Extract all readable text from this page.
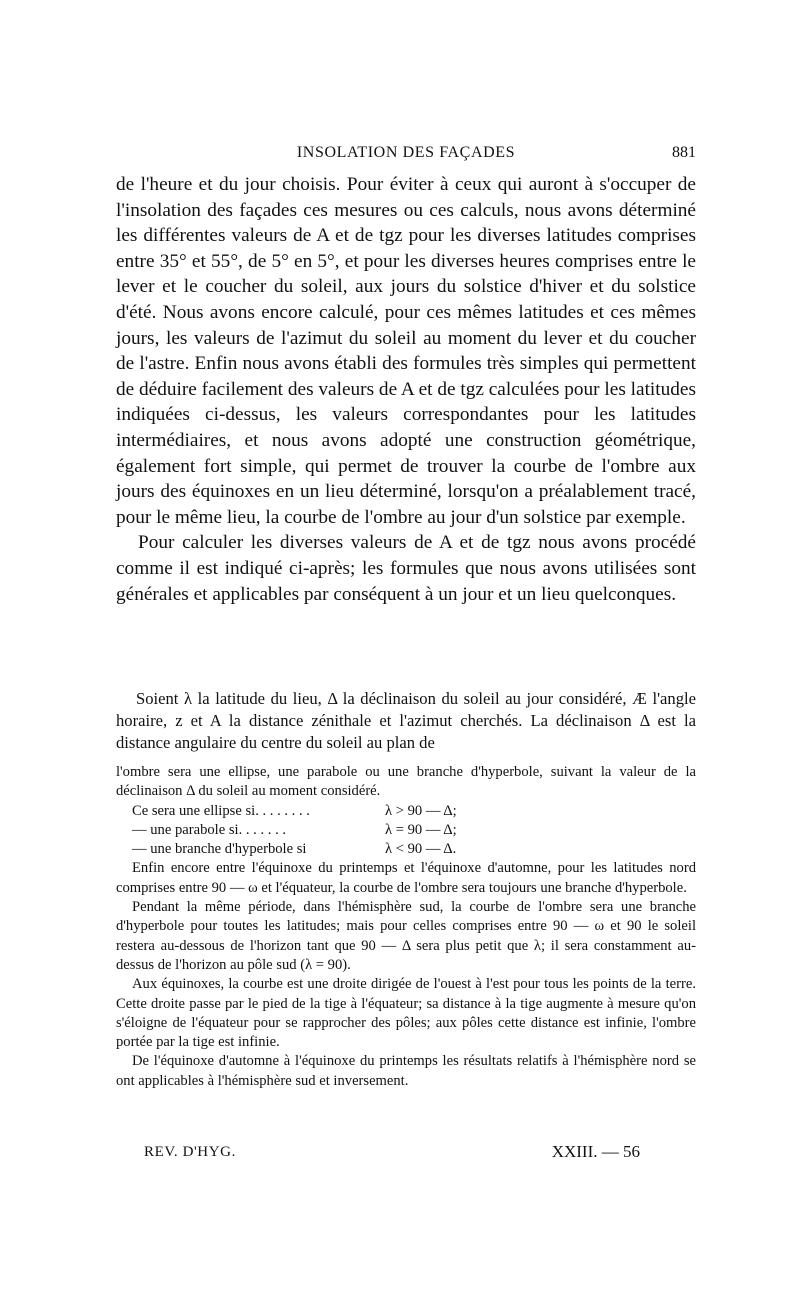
INSOLATION DES FAÇADES	881

de l'heure et du jour choisis. Pour éviter à ceux qui auront à s'occuper de l'insolation des façades ces mesures ou ces calculs, nous avons déterminé les différentes valeurs de A et de tgz pour les diverses latitudes comprises entre 35° et 55°, de 5° en 5°, et pour les diverses heures comprises entre le lever et le coucher du soleil, aux jours du solstice d'hiver et du solstice d'été. Nous avons encore calculé, pour ces mêmes latitudes et ces mêmes jours, les valeurs de l'azimut du soleil au moment du lever et du coucher de l'astre. Enfin nous avons établi des formules très simples qui permettent de déduire facilement des valeurs de A et de tgz calculées pour les latitudes indiquées ci-dessus, les valeurs correspondantes pour les latitudes intermédiaires, et nous avons adopté une construction géométrique, également fort simple, qui permet de trouver la courbe de l'ombre aux jours des équinoxes en un lieu déterminé, lorsqu'on a préalablement tracé, pour le même lieu, la courbe de l'ombre au jour d'un solstice par exemple.

Pour calculer les diverses valeurs de A et de tgz nous avons procédé comme il est indiqué ci-après; les formules que nous avons utilisées sont générales et applicables par conséquent à un jour et un lieu quelconques.

Soient λ la latitude du lieu, Δ la déclinaison du soleil au jour considéré, Æ l'angle horaire, z et A la distance zénithale et l'azimut cherchés. La déclinaison Δ est la distance angulaire du centre du soleil au plan de

l'ombre sera une ellipse, une parabole ou une branche d'hyperbole, suivant la valeur de la déclinaison Δ du soleil au moment considéré.

Ce sera une ellipse si. . . . . . . .	λ > 90 — Δ;
— une parabole si. . . . . . .	λ = 90 — Δ;
— une branche d'hyperbole si	λ < 90 — Δ.

Enfin encore entre l'équinoxe du printemps et l'équinoxe d'automne, pour les latitudes nord comprises entre 90 — ω et l'équateur, la courbe de l'ombre sera toujours une branche d'hyperbole.

Pendant la même période, dans l'hémisphère sud, la courbe de l'ombre sera une branche d'hyperbole pour toutes les latitudes; mais pour celles comprises entre 90 — ω et 90 le soleil restera au-dessous de l'horizon tant que 90 — Δ sera plus petit que λ; il sera constamment au-dessus de l'horizon au pôle sud (λ = 90).

Aux équinoxes, la courbe est une droite dirigée de l'ouest à l'est pour tous les points de la terre. Cette droite passe par le pied de la tige à l'équateur; sa distance à la tige augmente à mesure qu'on s'éloigne de l'équateur pour se rapprocher des pôles; aux pôles cette distance est infinie, l'ombre portée par la tige est infinie.

De l'équinoxe d'automne à l'équinoxe du printemps les résultats relatifs à l'hémisphère nord se ont applicables à l'hémisphère sud et inversement.

REV. D'HYG.	XXIII. — 56
